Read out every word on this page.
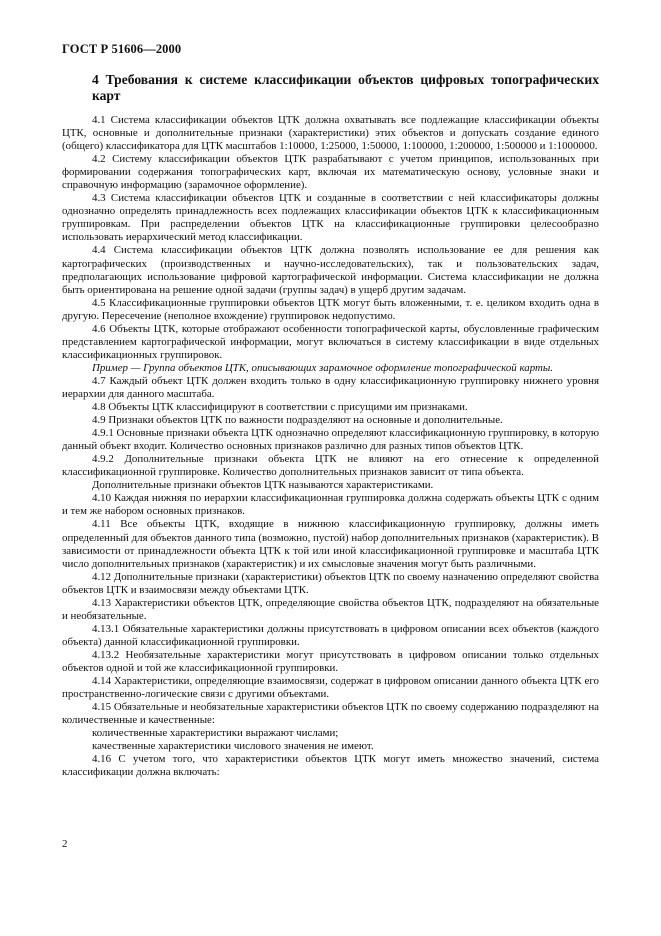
ГОСТ Р 51606—2000
4 Требования к системе классификации объектов цифровых топографических карт

4.1 Система классификации объектов ЦТК должна охватывать все подлежащие классификации объекты ЦТК, основные и дополнительные признаки (характеристики) этих объектов и допускать создание единого (общего) классификатора для ЦТК масштабов 1:10000, 1:25000, 1:50000, 1:100000, 1:200000, 1:500000 и 1:1000000.

4.2 Систему классификации объектов ЦТК разрабатывают с учетом принципов, использованных при формировании содержания топографических карт, включая их математическую основу, условные знаки и справочную информацию (зарамочное оформление).

4.3 Система классификации объектов ЦТК и созданные в соответствии с ней классификаторы должны однозначно определять принадлежность всех подлежащих классификации объектов ЦТК к классификационным группировкам. При распределении объектов ЦТК на классификационные группировки целесообразно использовать иерархический метод классификации.

4.4 Система классификации объектов ЦТК должна позволять использование ее для решения как картографических (производственных и научно-исследовательских), так и пользовательских задач, предполагающих использование цифровой картографической информации. Система классификации не должна быть ориентирована на решение одной задачи (группы задач) в ущерб другим задачам.

4.5 Классификационные группировки объектов ЦТК могут быть вложенными, т. е. целиком входить одна в другую. Пересечение (неполное вхождение) группировок недопустимо.

4.6 Объекты ЦТК, которые отображают особенности топографической карты, обусловленные графическим представлением картографической информации, могут включаться в систему классификации в виде отдельных классификационных группировок.

Пример — Группа объектов ЦТК, описывающих зарамочное оформление топографической карты.

4.7 Каждый объект ЦТК должен входить только в одну классификационную группировку нижнего уровня иерархии для данного масштаба.

4.8 Объекты ЦТК классифицируют в соответствии с присущими им признаками.

4.9 Признаки объектов ЦТК по важности подразделяют на основные и дополнительные.

4.9.1 Основные признаки объекта ЦТК однозначно определяют классификационную группировку, в которую данный объект входит. Количество основных признаков различно для разных типов объектов ЦТК.

4.9.2 Дополнительные признаки объекта ЦТК не влияют на его отнесение к определенной классификационной группировке. Количество дополнительных признаков зависит от типа объекта.

Дополнительные признаки объектов ЦТК называются характеристиками.

4.10 Каждая нижняя по иерархии классификационная группировка должна содержать объекты ЦТК с одним и тем же набором основных признаков.

4.11 Все объекты ЦТК, входящие в нижнюю классификационную группировку, должны иметь определенный для объектов данного типа (возможно, пустой) набор дополнительных признаков (характеристик). В зависимости от принадлежности объекта ЦТК к той или иной классификационной группировке и масштаба ЦТК число дополнительных признаков (характеристик) и их смысловые значения могут быть различными.

4.12 Дополнительные признаки (характеристики) объектов ЦТК по своему назначению определяют свойства объектов ЦТК и взаимосвязи между объектами ЦТК.

4.13 Характеристики объектов ЦТК, определяющие свойства объектов ЦТК, подразделяют на обязательные и необязательные.

4.13.1 Обязательные характеристики должны присутствовать в цифровом описании всех объектов (каждого объекта) данной классификационной группировки.

4.13.2 Необязательные характеристики могут присутствовать в цифровом описании только отдельных объектов одной и той же классификационной группировки.

4.14 Характеристики, определяющие взаимосвязи, содержат в цифровом описании данного объекта ЦТК его пространственно-логические связи с другими объектами.

4.15 Обязательные и необязательные характеристики объектов ЦТК по своему содержанию подразделяют на количественные и качественные:

количественные характеристики выражают числами;

качественные характеристики числового значения не имеют.

4.16 С учетом того, что характеристики объектов ЦТК могут иметь множество значений, система классификации должна включать:

2
